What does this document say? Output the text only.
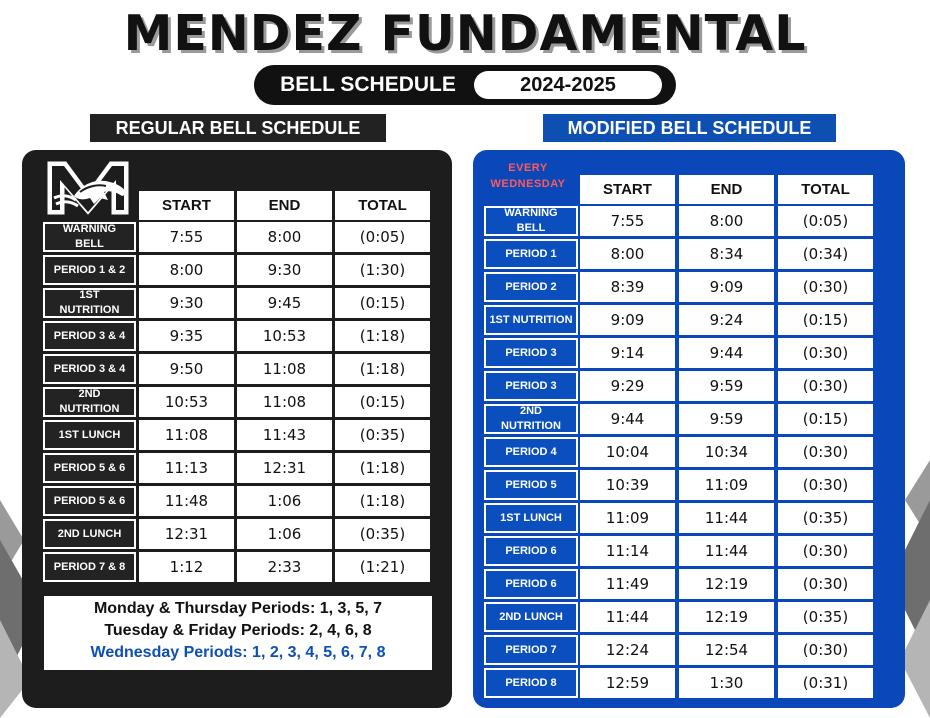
MENDEZ FUNDAMENTAL
BELL SCHEDULE	2024-2025
REGULAR BELL SCHEDULE	MODIFIED BELL SCHEDULE
START	END	TOTAL
WARNING BELL	7:55	8:00	(0:05)
PERIOD 1 & 2	8:00	9:30	(1:30)
1ST NUTRITION	9:30	9:45	(0:15)
PERIOD 3 & 4	9:35	10:53	(1:18)
PERIOD 3 & 4	9:50	11:08	(1:18)
2ND NUTRITION	10:53	11:08	(0:15)
1ST LUNCH	11:08	11:43	(0:35)
PERIOD 5 & 6	11:13	12:31	(1:18)
PERIOD 5 & 6	11:48	1:06	(1:18)
2ND LUNCH	12:31	1:06	(0:35)
PERIOD 7 & 8	1:12	2:33	(1:21)
EVERY WEDNESDAY	START	END	TOTAL
WARNING BELL	7:55	8:00	(0:05)
PERIOD 1	8:00	8:34	(0:34)
PERIOD 2	8:39	9:09	(0:30)
1ST NUTRITION	9:09	9:24	(0:15)
PERIOD 3	9:14	9:44	(0:30)
PERIOD 3	9:29	9:59	(0:30)
2ND NUTRITION	9:44	9:59	(0:15)
PERIOD 4	10:04	10:34	(0:30)
PERIOD 5	10:39	11:09	(0:30)
1ST LUNCH	11:09	11:44	(0:35)
PERIOD 6	11:14	11:44	(0:30)
PERIOD 6	11:49	12:19	(0:30)
2ND LUNCH	11:44	12:19	(0:35)
PERIOD 7	12:24	12:54	(0:30)
PERIOD 8	12:59	1:30	(0:31)
Monday & Thursday Periods: 1, 3, 5, 7
Tuesday & Friday Periods: 2, 4, 6, 8
Wednesday Periods: 1, 2, 3, 4, 5, 6, 7, 8
